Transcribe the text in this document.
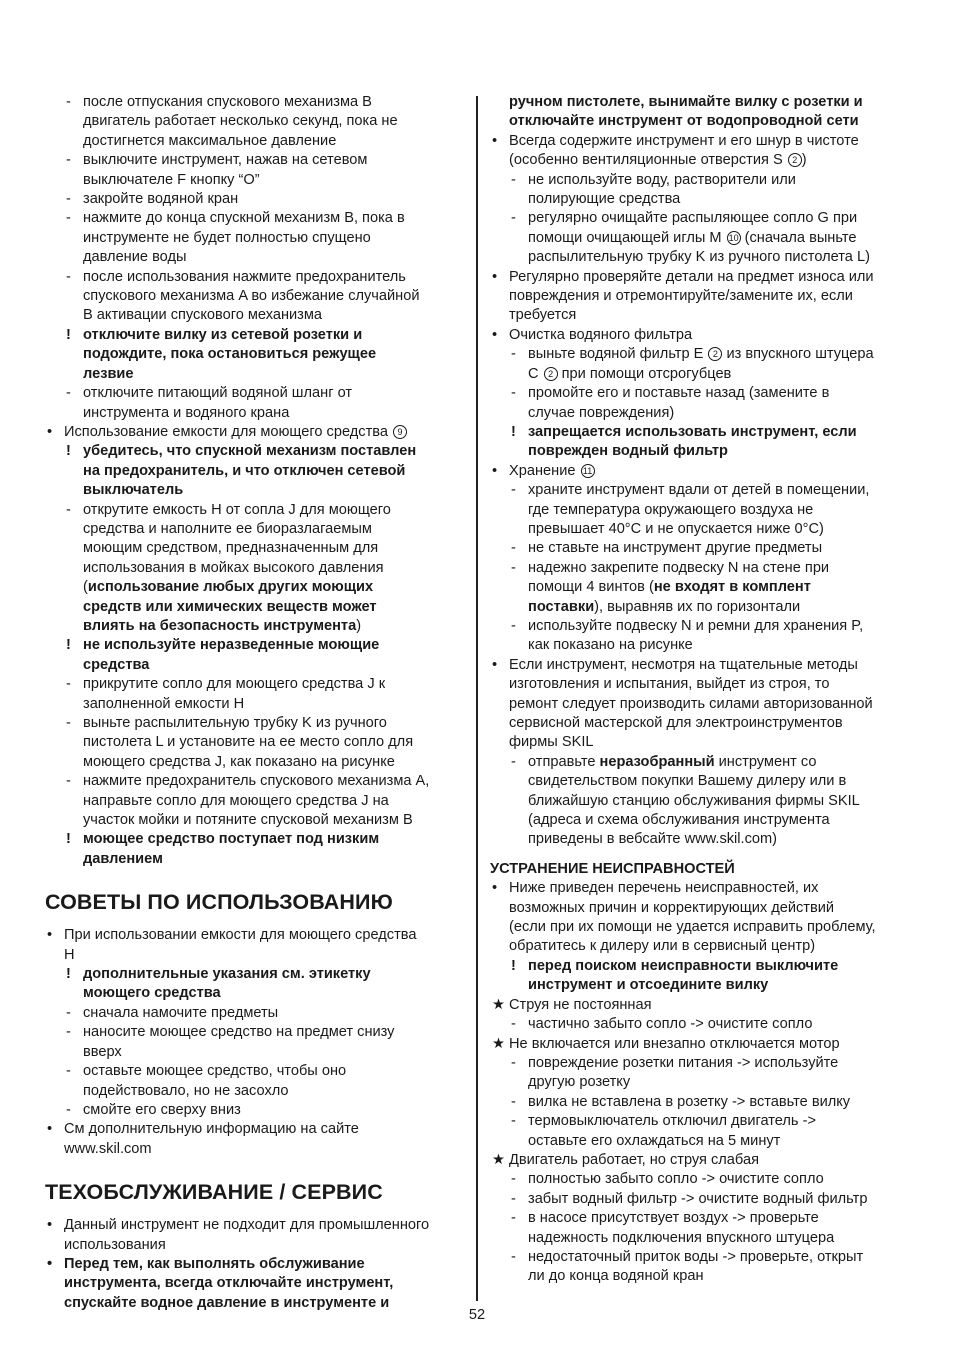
- после отпускания спускового механизма B
двигатель работает несколько секунд, пока не
достигнется максимальное давление
- выключите инструмент, нажав на сетевом
выключателе F кнопку “O”
- закройте водяной кран
- нажмите до конца спускной механизм B, пока в
инструменте не будет полностью спущено
давление воды
- после использования нажмите предохранитель
спускового механизма A во избежание случайной
B активации спускового механизма
! отключите вилку из сетевой розетки и
подождите, пока остановиться режущее
лезвие
- отключите питающий водяной шланг от
инструмента и водяного крана
• Использование емкости для моющего средства 9
! убедитесь, что спускной механизм поставлен
на предохранитель, и что отключен сетевой
выключатель
- открутите емкость H от сопла J для моющего
средства и наполните ее биоразлагаемым
моющим средством, предназначенным для
использования в мойках высокого давления
(использование любых других моющих
средств или химических веществ может
влиять на безопасность инструмента)
! не используйте неразведенные моющие
средства
- прикрутите сопло для моющего средства J к
заполненной емкости H
- выньте распылительную трубку K из ручного
пистолета L и установите на ее место сопло для
моющего средства J, как показано на рисунке
- нажмите предохранитель спускового механизма A,
направьте сопло для моющего средства J на
участок мойки и потяните спусковой механизм B
! моющее средство поступает под низким
давлением
СОВЕТЫ ПО ИСПОЛЬЗОВАНИЮ
• При использовании емкости для моющего средства
H
! дополнительные указания см. этикетку
моющего средства
- сначала намочите предметы
- наносите моющее средство на предмет снизу
вверх
- оставьте моющее средство, чтобы оно
подействовало, но не засохло
- смойте его сверху вниз
• См дополнительную информацию на сайте
www.skil.com
ТЕХОБСЛУЖИВАНИЕ / СЕРВИС
• Данный инструмент не подходит для промышленного
использования
• Перед тем, как выполнять обслуживание
инструмента, всегда отключайте инструмент,
спускайте водное давление в инструменте и
ручном пистолете, вынимайте вилку с розетки и
отключайте инструмент от водопроводной сети
• Всегда содержите инструмент и его шнур в чистоте
(особенно вентиляционные отверстия S 2 )
- не используйте воду, растворители или
полирующие средства
- регулярно очищайте распыляющее сопло G при
помощи очищающей иглы M 10 (сначала выньте
распылительную трубку K из ручного пистолета L)
• Регулярно проверяйте детали на предмет износа или
повреждения и отремонтируйте/замените их, если
требуется
• Очистка водяного фильтра
- выньте водяной фильтр E 2 из впускного штуцера
C 2 при помощи отсрогубцев
- промойте его и поставьте назад (замените в
случае повреждения)
! запрещается использовать инструмент, если
поврежден водный фильтр
• Хранение 11
- храните инструмент вдали от детей в помещении,
где температура окружающего воздуха не
превышает 40°C и не опускается ниже 0°C)
- не ставьте на инструмент другие предметы
- надежно закрепите подвеску N на стене при
помощи 4 винтов (не входят в комплент
поставки), выравняв их по горизонтали
- используйте подвеску N и ремни для хранения P,
как показано на рисунке
• Если инструмент, несмотря на тщательные методы
изготовления и испытания, выйдет из строя, то
ремонт следует производить силами авторизованной
сервисной мастерской для электроинструментов
фирмы SKIL
- отправьте неразобранный инструмент со
свидетельством покупки Вашему дилеру или в
ближайшую станцию обслуживания фирмы SKIL
(адреса и схема обслуживания инструмента
приведены в вебсайте www.skil.com)
УСТРАНЕНИЕ НЕИСПРАВНОСТЕЙ
• Ниже приведен перечень неисправностей, их
возможных причин и корректирующих действий
(если при их помощи не удается исправить проблему,
обратитесь к дилеру или в сервисный центр)
! перед поиском неисправности выключите
инструмент и отсоедините вилку
★ Струя не постоянная
- частично забыто сопло -> очистите сопло
★ Не включается или внезапно отключается мотор
- повреждение розетки питания -> используйте
другую розетку
- вилка не вставлена в розетку -> вставьте вилку
- термовыключатель отключил двигатель ->
оставьте его охлаждаться на 5 минут
★ Двигатель работает, но струя слабая
- полностью забыто сопло -> очистите сопло
- забыт водный фильтр -> очистите водный фильтр
- в насосе присутствует воздух -> проверьте
надежность подключения впускного штуцера
- недостаточный приток воды -> проверьте, открыт
ли до конца водяной кран
52
